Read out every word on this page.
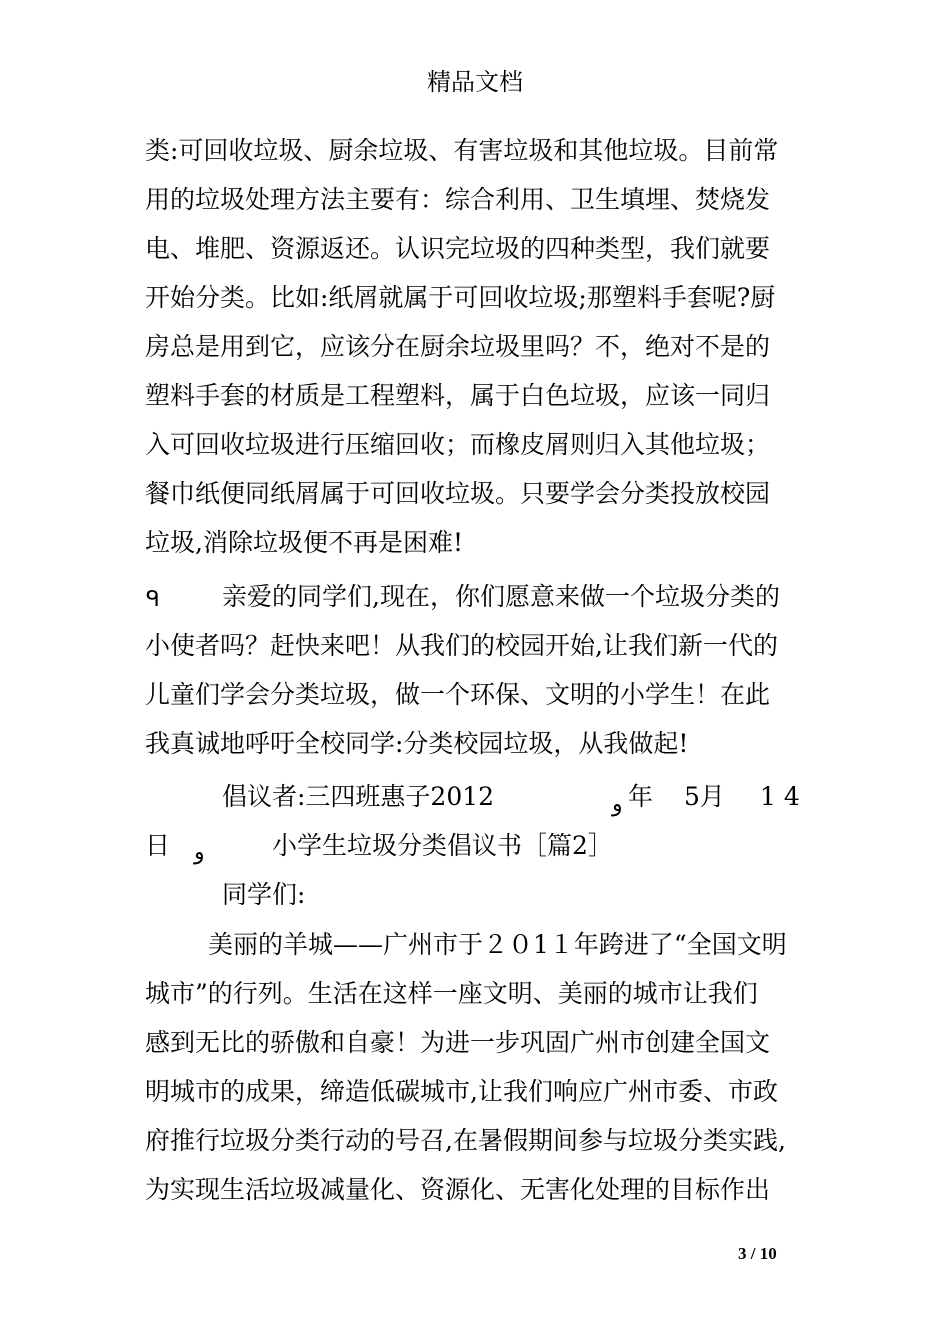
精品文档
类:可回收垃圾、厨余垃圾、有害垃圾和其他垃圾。目前常
用的垃圾处理方法主要有：综合利用、卫生填埋、焚烧发
电、堆肥、资源返还。认识完垃圾的四种类型，我们就要
开始分类。比如:纸屑就属于可回收垃圾;那塑料手套呢?厨
房总是用到它，应该分在厨余垃圾里吗？不，绝对不是的
塑料手套的材质是工程塑料，属于白色垃圾，应该一同归
入可回收垃圾进行压缩回收；而橡皮屑则归入其他垃圾；
餐巾纸便同纸屑属于可回收垃圾。只要学会分类投放校园
垃圾,消除垃圾便不再是困难!
ᑫ 亲爱的同学们,现在，你们愿意来做一个垃圾分类的
小使者吗？赶快来吧！从我们的校园开始,让我们新一代的
儿童们学会分类垃圾，做一个环保、文明的小学生！在此
我真诚地呼吁全校同学:分类校园垃圾，从我做起!
倡议者:三四班惠子2012	و 年 5月 1 4
日 و	小学生垃圾分类倡议书［篇2］
同学们:
美丽的羊城——广州市于２０1１年跨进了“全国文明
城市”的行列。生活在这样一座文明、美丽的城市让我们
感到无比的骄傲和自豪！为进一步巩固广州市创建全国文
明城市的成果，缔造低碳城市,让我们响应广州市委、市政
府推行垃圾分类行动的号召,在暑假期间参与垃圾分类实践,
为实现生活垃圾减量化、资源化、无害化处理的目标作出
3 / 10
